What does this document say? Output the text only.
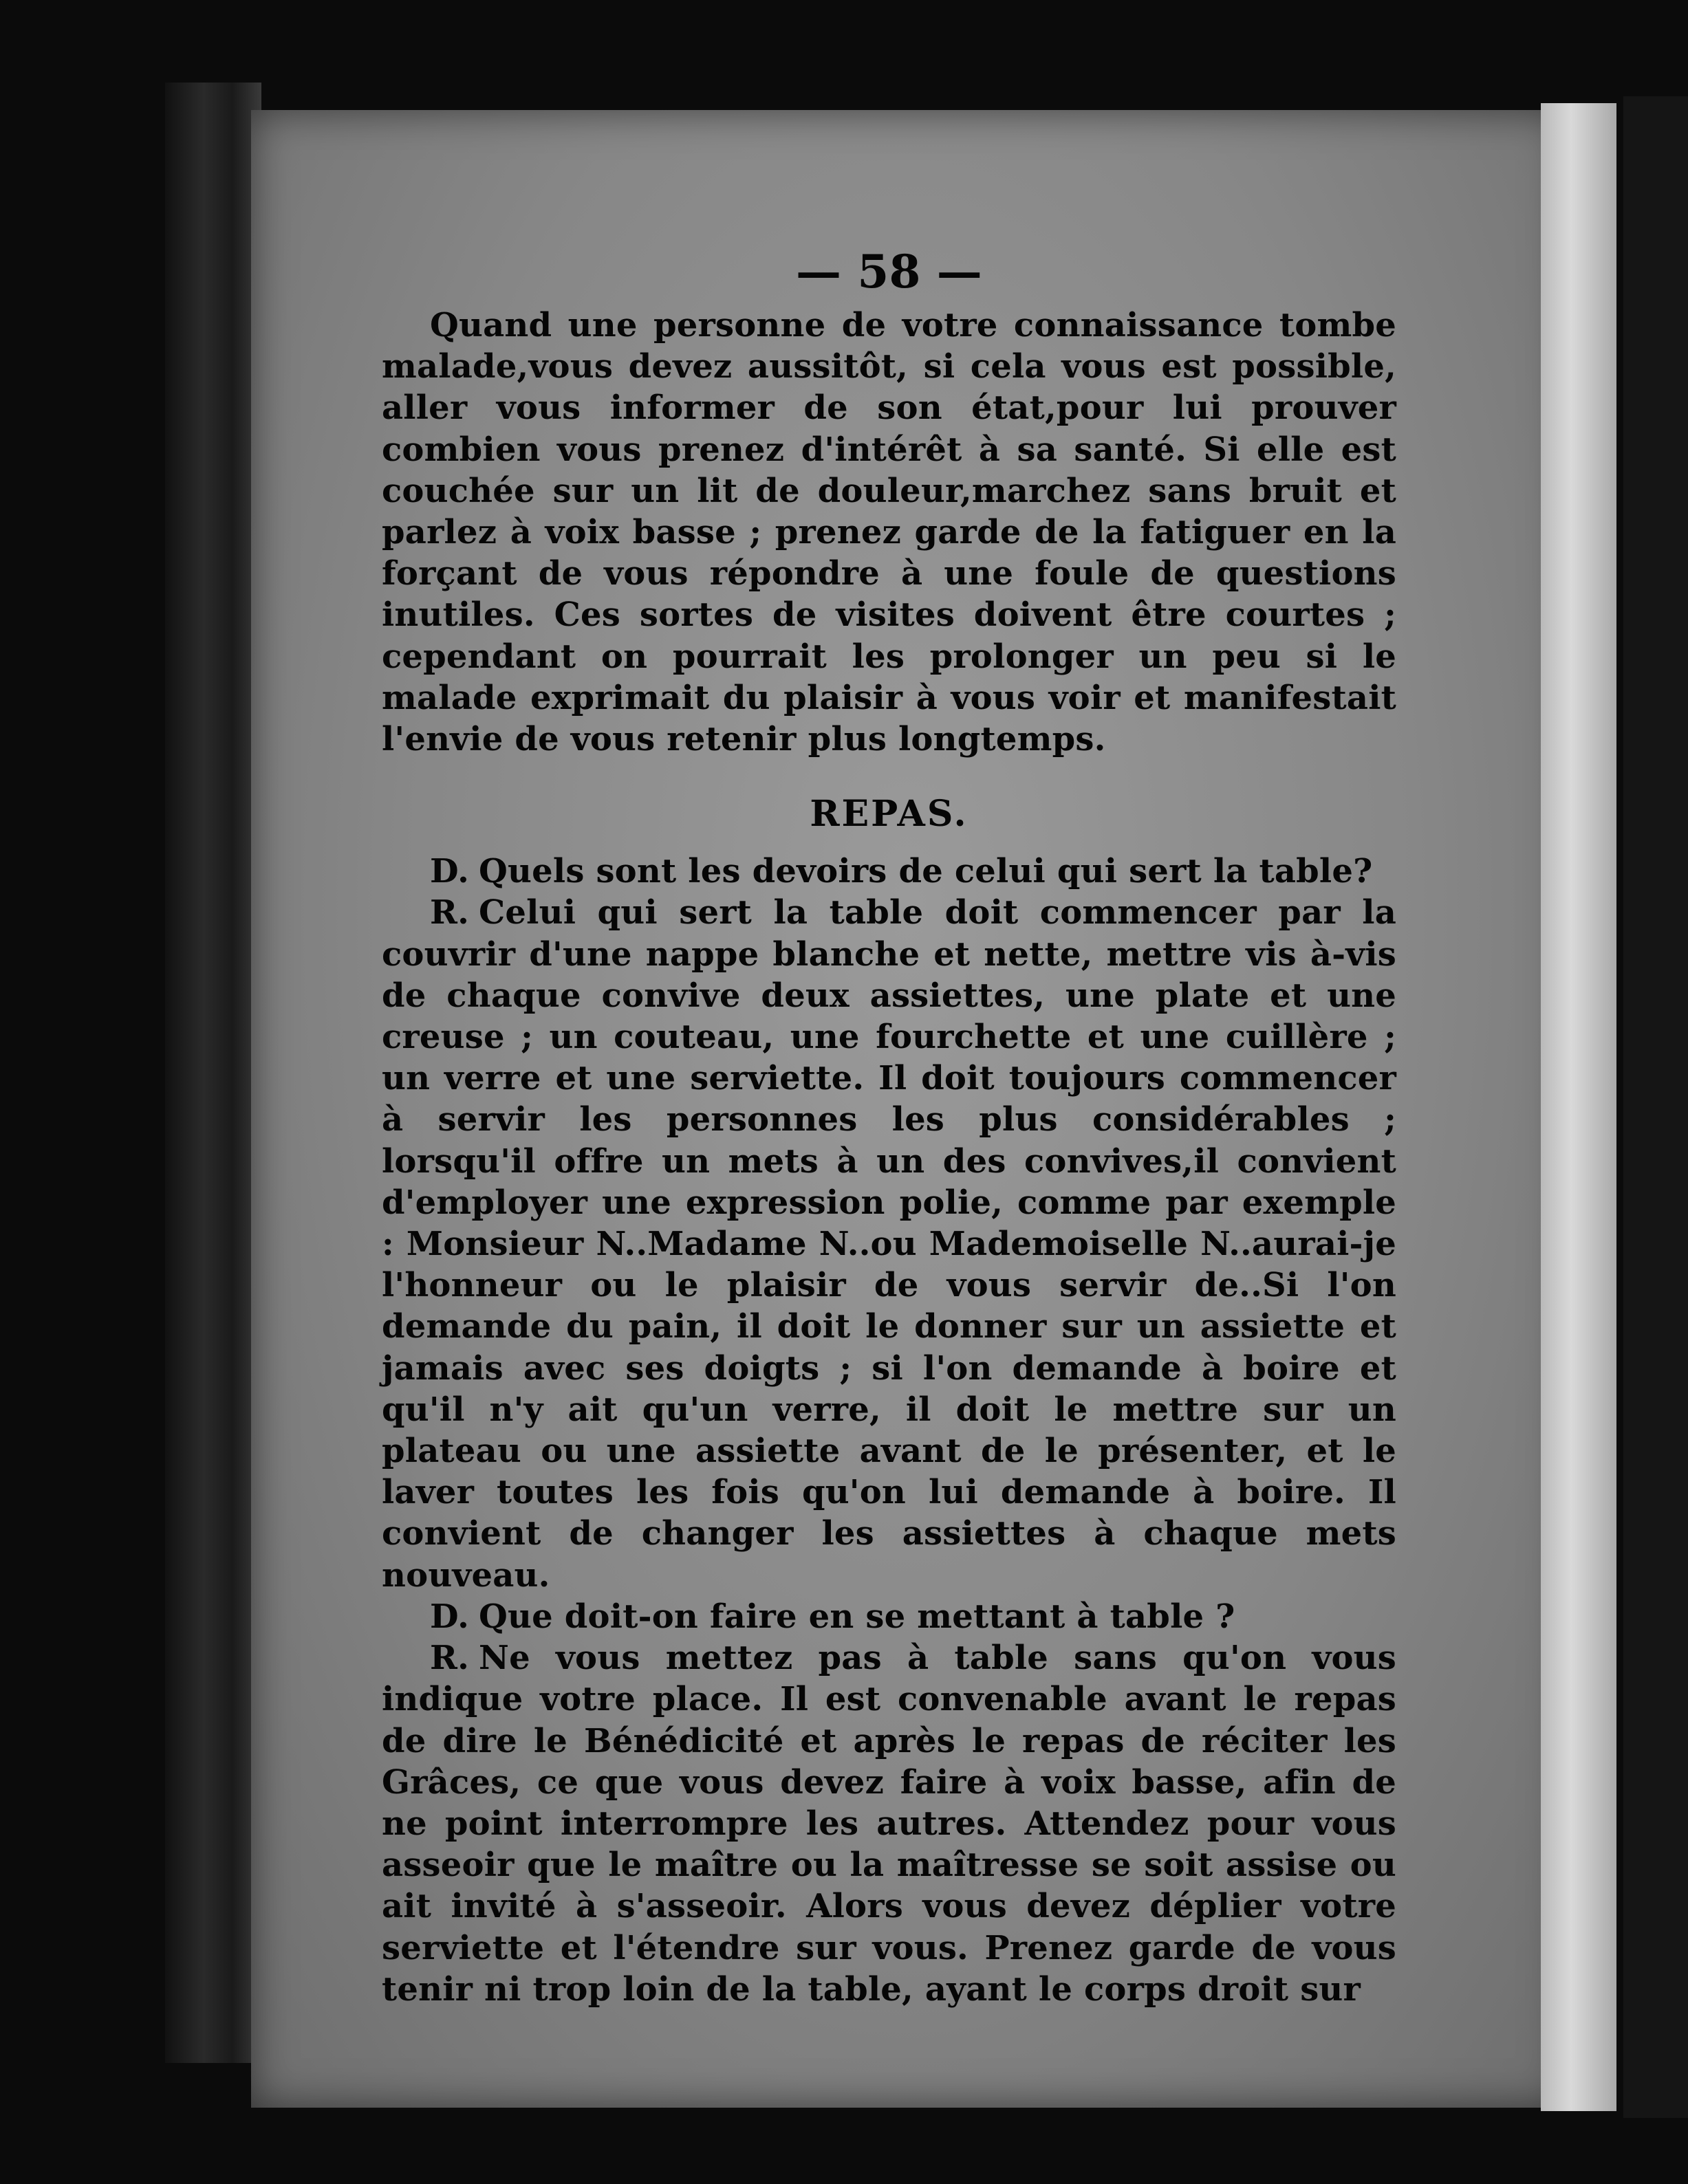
— 58 —

Quand une personne de votre connaissance tombe malade,vous devez aussitôt, si cela vous est possible, aller vous informer de son état,pour lui prouver combien vous prenez d'intérêt à sa santé. Si elle est couchée sur un lit de douleur,marchez sans bruit et parlez à voix basse ; prenez garde de la fatiguer en la forçant de vous répondre à une foule de questions inutiles. Ces sortes de visites doivent être courtes ; cependant on pourrait les prolonger un peu si le malade exprimait du plaisir à vous voir et manifestait l'envie de vous retenir plus longtemps.

REPAS.

D. Quels sont les devoirs de celui qui sert la table?

R. Celui qui sert la table doit commencer par la couvrir d'une nappe blanche et nette, mettre vis à-vis de chaque convive deux assiettes, une plate et une creuse ; un couteau, une fourchette et une cuillère ; un verre et une serviette. Il doit toujours commencer à servir les personnes les plus considérables ; lorsqu'il offre un mets à un des convives,il convient d'employer une expression polie, comme par exemple : Monsieur N..Madame N..ou Mademoiselle N..aurai-je l'honneur ou le plaisir de vous servir de..Si l'on demande du pain, il doit le donner sur un assiette et jamais avec ses doigts ; si l'on demande à boire et qu'il n'y ait qu'un verre, il doit le mettre sur un plateau ou une assiette avant de le présenter, et le laver toutes les fois qu'on lui demande à boire. Il convient de changer les assiettes à chaque mets nouveau.

D. Que doit-on faire en se mettant à table ?

R. Ne vous mettez pas à table sans qu'on vous indique votre place. Il est convenable avant le repas de dire le Bénédicité et après le repas de réciter les Grâces, ce que vous devez faire à voix basse, afin de ne point interrompre les autres. Attendez pour vous asseoir que le maître ou la maîtresse se soit assise ou ait invité à s'asseoir. Alors vous devez déplier votre serviette et l'étendre sur vous. Prenez garde de vous tenir ni trop loin de la table, ayant le corps droit sur
